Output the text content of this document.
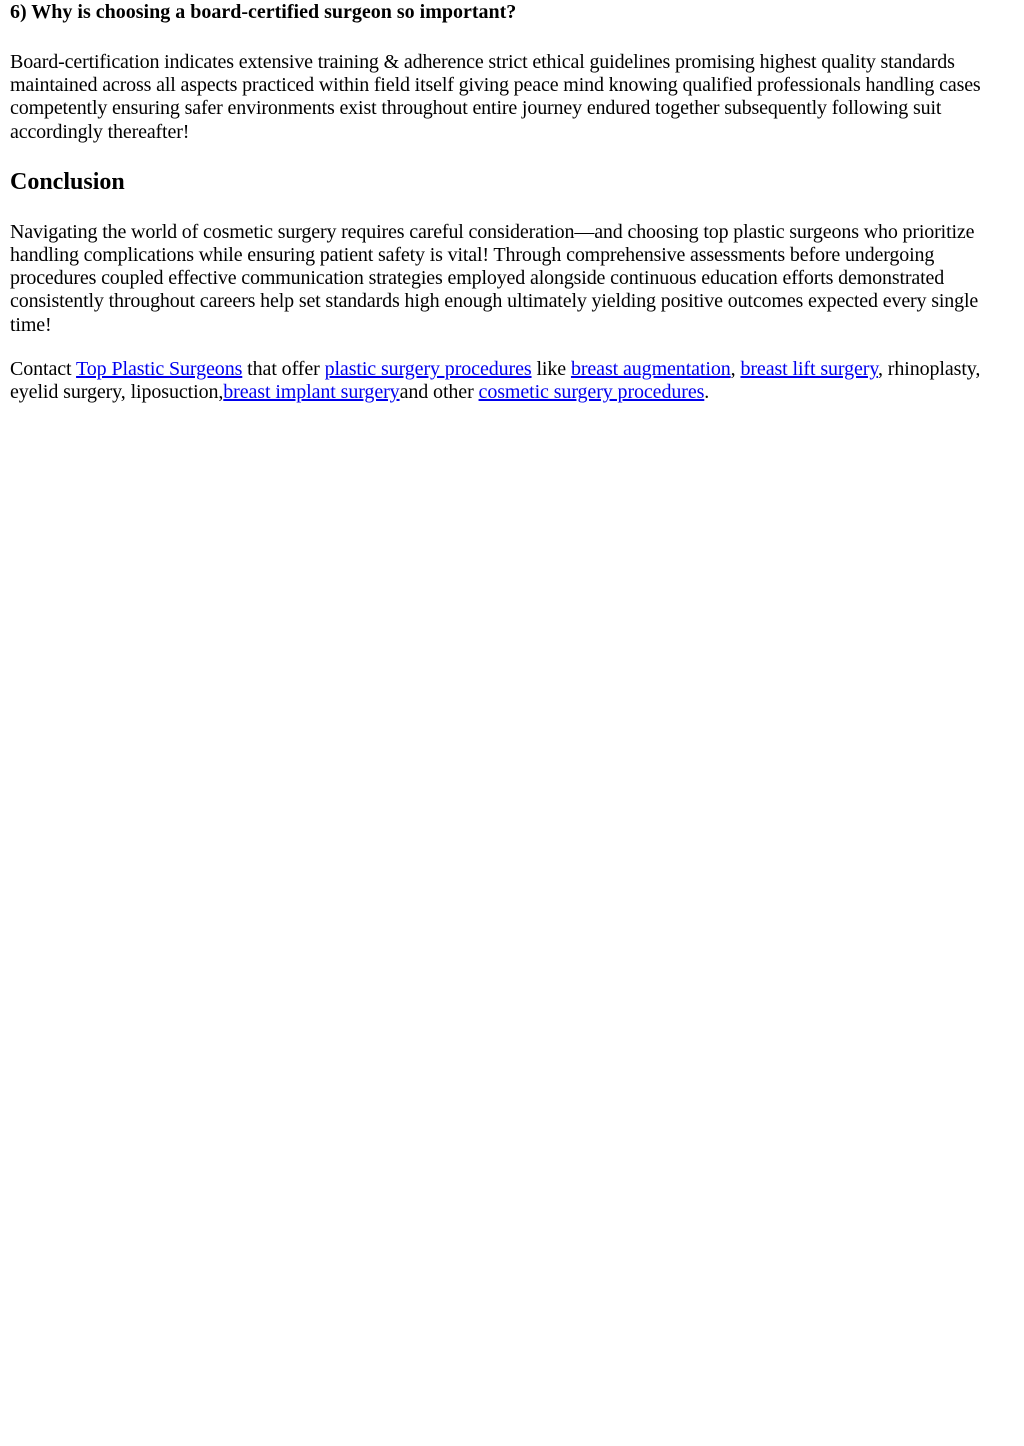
6) Why is choosing a board-certified surgeon so important?

Board-certification indicates extensive training & adherence strict ethical guidelines promising highest quality standards maintained across all aspects practiced within field itself giving peace mind knowing qualified professionals handling cases competently ensuring safer environments exist throughout entire journey endured together subsequently following suit accordingly thereafter!

Conclusion

Navigating the world of cosmetic surgery requires careful consideration—and choosing top plastic surgeons who prioritize handling complications while ensuring patient safety is vital! Through comprehensive assessments before undergoing procedures coupled effective communication strategies employed alongside continuous education efforts demonstrated consistently throughout careers help set standards high enough ultimately yielding positive outcomes expected every single time!

Contact Top Plastic Surgeons that offer plastic surgery procedures like breast augmentation, breast lift surgery, rhinoplasty, eyelid surgery, liposuction,breast implant surgeryand other cosmetic surgery procedures.
